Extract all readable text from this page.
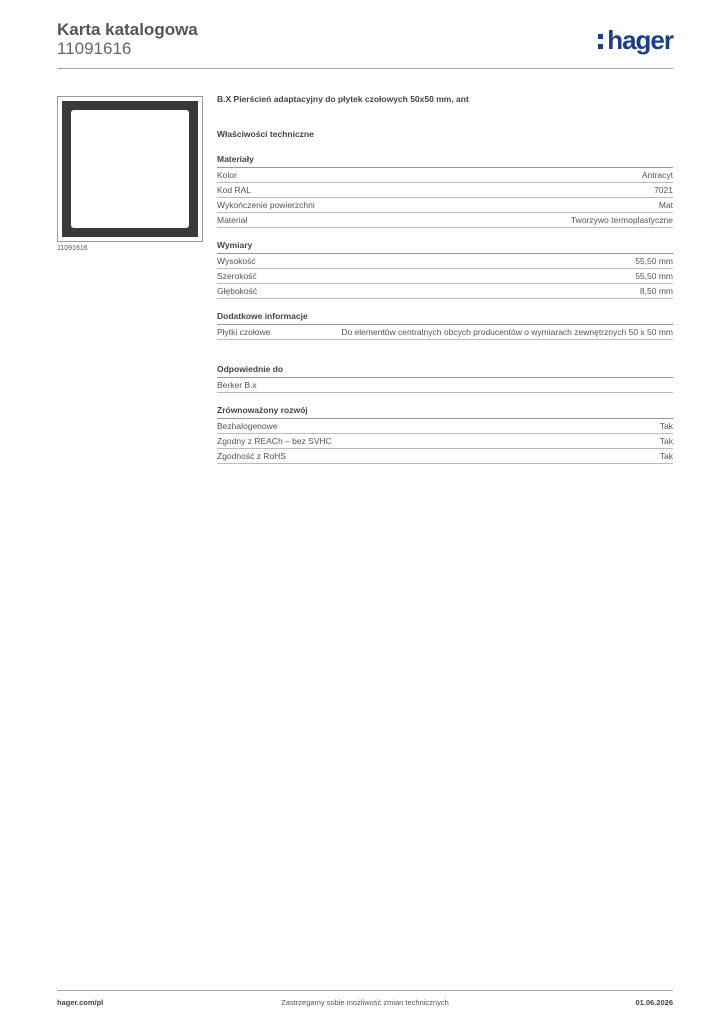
Karta katalogowa
11091616	hager
11091616
B.X Pierścień adaptacyjny do płytek czołowych 50x50 mm, ant
Właściwości techniczne
Materiały
Kolor	Antracyt
Kod RAL	7021
Wykończenie powierzchni	Mat
Materiał	Tworzywo termoplastyczne
Wymiary
Wysokość	55,50 mm
Szerokość	55,50 mm
Głębokość	8,50 mm
Dodatkowe informacje
Płytki czołowe	Do elementów centralnych obcych producentów o wymiarach zewnętrznych 50 x 50 mm
Odpowiednie do
Berker B.x
Zrównoważony rozwój
Bezhalogenowe	Tak
Zgodny z REACh – bez SVHC	Tak
Zgodność z RoHS	Tak
Zastrzegamy sobie możliwość zmian technicznych
hager.com/pl	01.06.2026
